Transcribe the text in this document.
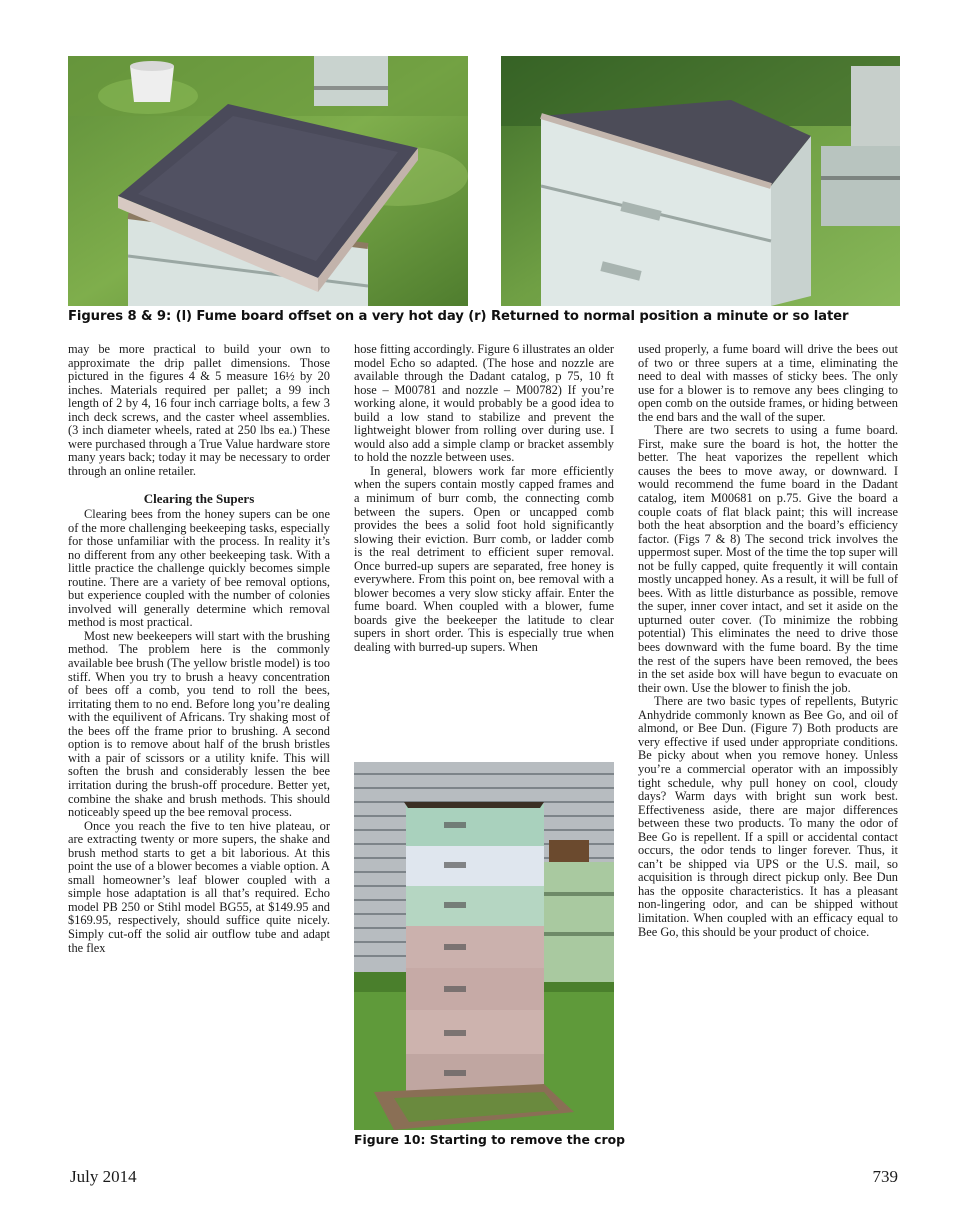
Figures 8 & 9: (l) Fume board offset on a very hot day (r) Returned to normal position a minute or so later

may be more practical to build your own to approximate the drip pallet dimensions. Those pictured in the figures 4 & 5 measure 16½ by 20 inches. Materials required per pallet; a 99 inch length of 2 by 4, 16 four inch carriage bolts, a few 3 inch deck screws, and the caster wheel assemblies. (3 inch diameter wheels, rated at 250 lbs ea.) These were purchased through a True Value hardware store many years back; today it may be necessary to order through an online retailer.

Clearing the Supers

Clearing bees from the honey supers can be one of the more challenging beekeeping tasks, especially for those unfamiliar with the process. In reality it’s no different from any other beekeeping task. With a little practice the challenge quickly becomes simple routine. There are a variety of bee removal options, but experience coupled with the number of colonies involved will generally determine which removal method is most practical.

Most new beekeepers will start with the brushing method. The problem here is the commonly available bee brush (The yellow bristle model) is too stiff. When you try to brush a heavy concentration of bees off a comb, you tend to roll the bees, irritating them to no end. Before long you’re dealing with the equilivent of Africans. Try shaking most of the bees off the frame prior to brushing. A second option is to remove about half of the brush bristles with a pair of scissors or a utility knife. This will soften the brush and considerably lessen the bee irritation during the brush-off procedure. Better yet, combine the shake and brush methods. This should noticeably speed up the bee removal process.

Once you reach the five to ten hive plateau, or are extracting twenty or more supers, the shake and brush method starts to get a bit laborious. At this point the use of a blower becomes a viable option. A small homeowner’s leaf blower coupled with a simple hose adaptation is all that’s required. Echo model PB 250 or Stihl model BG55, at $149.95 and $169.95, respectively, should suffice quite nicely. Simply cut-off the solid air outflow tube and adapt the flex

hose fitting accordingly. Figure 6 illustrates an older model Echo so adapted. (The hose and nozzle are available through the Dadant catalog, p 75, 10 ft hose – M00781 and nozzle – M00782) If you’re working alone, it would probably be a good idea to build a low stand to stabilize and prevent the lightweight blower from rolling over during use. I would also add a simple clamp or bracket assembly to hold the nozzle between uses.

In general, blowers work far more efficiently when the supers contain mostly capped frames and a minimum of burr comb, the connecting comb between the supers. Open or uncapped comb provides the bees a solid foot hold significantly slowing their eviction. Burr comb, or ladder comb is the real detriment to efficient super removal. Once burred-up supers are separated, free honey is everywhere. From this point on, bee removal with a blower becomes a very slow sticky affair. Enter the fume board. When coupled with a blower, fume boards give the beekeeper the latitude to clear supers in short order. This is especially true when dealing with burred-up supers. When

Figure 10: Starting to remove the crop

used properly, a fume board will drive the bees out of two or three supers at a time, eliminating the need to deal with masses of sticky bees. The only use for a blower is to remove any bees clinging to open comb on the outside frames, or hiding between the end bars and the wall of the super.

There are two secrets to using a fume board. First, make sure the board is hot, the hotter the better. The heat vaporizes the repellent which causes the bees to move away, or downward. I would recommend the fume board in the Dadant catalog, item M00681 on p.75. Give the board a couple coats of flat black paint; this will increase both the heat absorption and the board’s efficiency factor. (Figs 7 & 8) The second trick involves the uppermost super. Most of the time the top super will not be fully capped, quite frequently it will contain mostly uncapped honey. As a result, it will be full of bees. With as little disturbance as possible, remove the super, inner cover intact, and set it aside on the upturned outer cover. (To minimize the robbing potential) This eliminates the need to drive those bees downward with the fume board. By the time the rest of the supers have been removed, the bees in the set aside box will have begun to evacuate on their own. Use the blower to finish the job.

There are two basic types of repellents, Butyric Anhydride commonly known as Bee Go, and oil of almond, or Bee Dun. (Figure 7) Both products are very effective if used under appropriate conditions. Be picky about when you remove honey. Unless you’re a commercial operator with an impossibly tight schedule, why pull honey on cool, cloudy days? Warm days with bright sun work best. Effectiveness aside, there are major differences between these two products. To many the odor of Bee Go is repellent. If a spill or accidental contact occurs, the odor tends to linger forever. Thus, it can’t be shipped via UPS or the U.S. mail, so acquisition is through direct pickup only. Bee Dun has the opposite characteristics. It has a pleasant non-lingering odor, and can be shipped without limitation. When coupled with an efficacy equal to Bee Go, this should be your product of choice.

July 2014	739
